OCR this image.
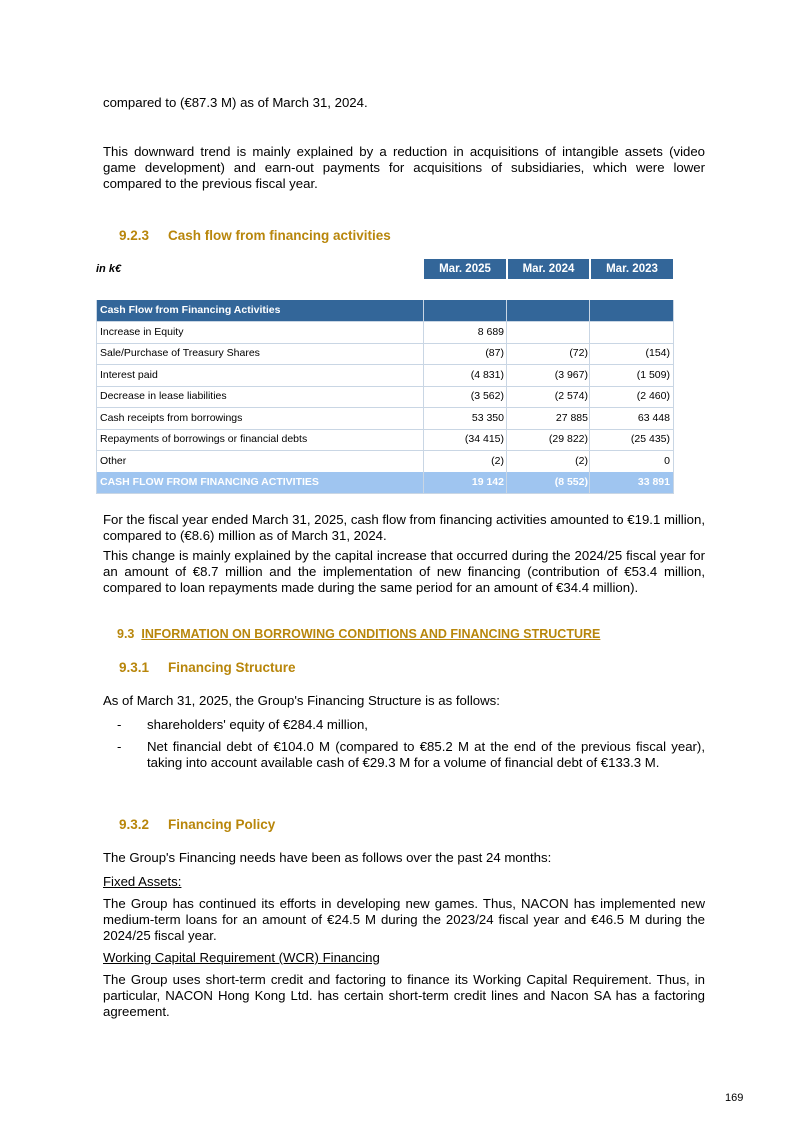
compared to (€87.3 M) as of March 31, 2024.

This downward trend is mainly explained by a reduction in acquisitions of intangible assets (video game development) and earn-out payments for acquisitions of subsidiaries, which were lower compared to the previous fiscal year.

9.2.3 Cash flow from financing activities
in k€	Mar. 2025	Mar. 2024	Mar. 2023
Cash Flow from Financing Activities
Increase in Equity	8 689
Sale/Purchase of Treasury Shares	(87)	(72)	(154)
Interest paid	(4 831)	(3 967)	(1 509)
Decrease in lease liabilities	(3 562)	(2 574)	(2 460)
Cash receipts from borrowings	53 350	27 885	63 448
Repayments of borrowings or financial debts	(34 415)	(29 822)	(25 435)
Other	(2)	(2)	0
CASH FLOW FROM FINANCING ACTIVITIES	19 142	(8 552)	33 891

For the fiscal year ended March 31, 2025, cash flow from financing activities amounted to €19.1 million, compared to (€8.6) million as of March 31, 2024.

This change is mainly explained by the capital increase that occurred during the 2024/25 fiscal year for an amount of €8.7 million and the implementation of new financing (contribution of €53.4 million, compared to loan repayments made during the same period for an amount of €34.4 million).

9.3 INFORMATION ON BORROWING CONDITIONS AND FINANCING STRUCTURE
9.3.1 Financing Structure

As of March 31, 2025, the Group's Financing Structure is as follows:

- shareholders' equity of €284.4 million,
- Net financial debt of €104.0 M (compared to €85.2 M at the end of the previous fiscal year), taking into account available cash of €29.3 M for a volume of financial debt of €133.3 M.
9.3.2 Financing Policy

The Group's Financing needs have been as follows over the past 24 months:

Fixed Assets:

The Group has continued its efforts in developing new games. Thus, NACON has implemented new medium-term loans for an amount of €24.5 M during the 2023/24 fiscal year and €46.5 M during the 2024/25 fiscal year.

Working Capital Requirement (WCR) Financing

The Group uses short-term credit and factoring to finance its Working Capital Requirement. Thus, in particular, NACON Hong Kong Ltd. has certain short-term credit lines and Nacon SA has a factoring agreement.

169
